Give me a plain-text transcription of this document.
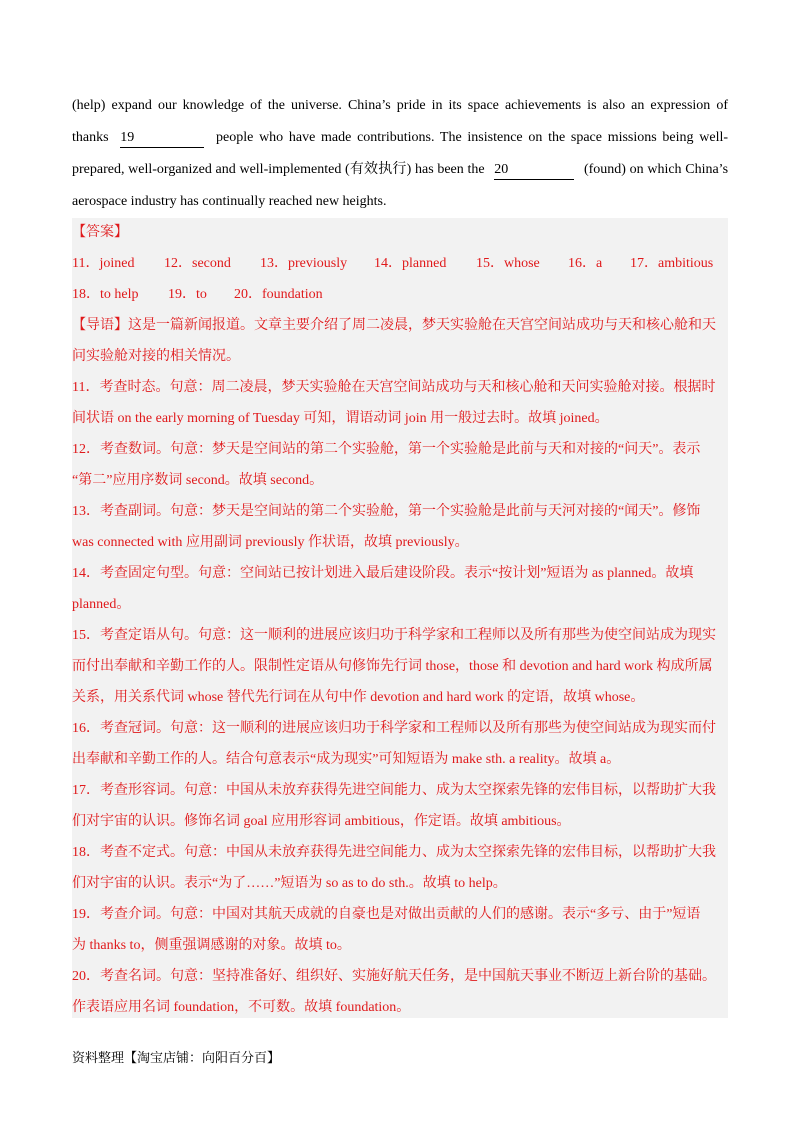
(help) expand our knowledge of the universe. China’s pride in its space achievements is also an expression of
thanks 19	people who have made contributions. The insistence on the space missions being well-
prepared, well-organized and well-implemented (有效执行) has been the 20	(found) on which China’s
aerospace industry has continually reached new heights.
【答案】
11．joined 12．second 13．previously 14．planned 15．whose 16．a 17．ambitious
18．to help 19．to 20．foundation
【导语】这是一篇新闻报道。文章主要介绍了周二凌晨，梦天实验舱在天宫空间站成功与天和核心舱和天
问实验舱对接的相关情况。
11．考查时态。句意：周二凌晨，梦天实验舱在天宫空间站成功与天和核心舱和天问实验舱对接。根据时
间状语 on the early morning of Tuesday 可知，谓语动词 join 用一般过去时。故填 joined。
12．考查数词。句意：梦天是空间站的第二个实验舱，第一个实验舱是此前与天和对接的“问天”。表示
“第二”应用序数词 second。故填 second。
13．考查副词。句意：梦天是空间站的第二个实验舱，第一个实验舱是此前与天河对接的“闻天”。修饰
was connected with 应用副词 previously 作状语，故填 previously。
14．考查固定句型。句意：空间站已按计划进入最后建设阶段。表示“按计划”短语为 as planned。故填
planned。
15．考查定语从句。句意：这一顺利的进展应该归功于科学家和工程师以及所有那些为使空间站成为现实
而付出奉献和辛勤工作的人。限制性定语从句修饰先行词 those，those 和 devotion and hard work 构成所属
关系，用关系代词 whose 替代先行词在从句中作 devotion and hard work 的定语，故填 whose。
16．考查冠词。句意：这一顺利的进展应该归功于科学家和工程师以及所有那些为使空间站成为现实而付
出奉献和辛勤工作的人。结合句意表示“成为现实”可知短语为 make sth. a reality。故填 a。
17．考查形容词。句意：中国从未放弃获得先进空间能力、成为太空探索先锋的宏伟目标，以帮助扩大我
们对宇宙的认识。修饰名词 goal 应用形容词 ambitious，作定语。故填 ambitious。
18．考查不定式。句意：中国从未放弃获得先进空间能力、成为太空探索先锋的宏伟目标，以帮助扩大我
们对宇宙的认识。表示“为了……”短语为 so as to do sth.。故填 to help。
19．考查介词。句意：中国对其航天成就的自豪也是对做出贡献的人们的感谢。表示“多亏、由于”短语
为 thanks to，侧重强调感谢的对象。故填 to。
20．考查名词。句意：坚持准备好、组织好、实施好航天任务，是中国航天事业不断迈上新台阶的基础。
作表语应用名词 foundation，不可数。故填 foundation。
资料整理【淘宝店铺：向阳百分百】
